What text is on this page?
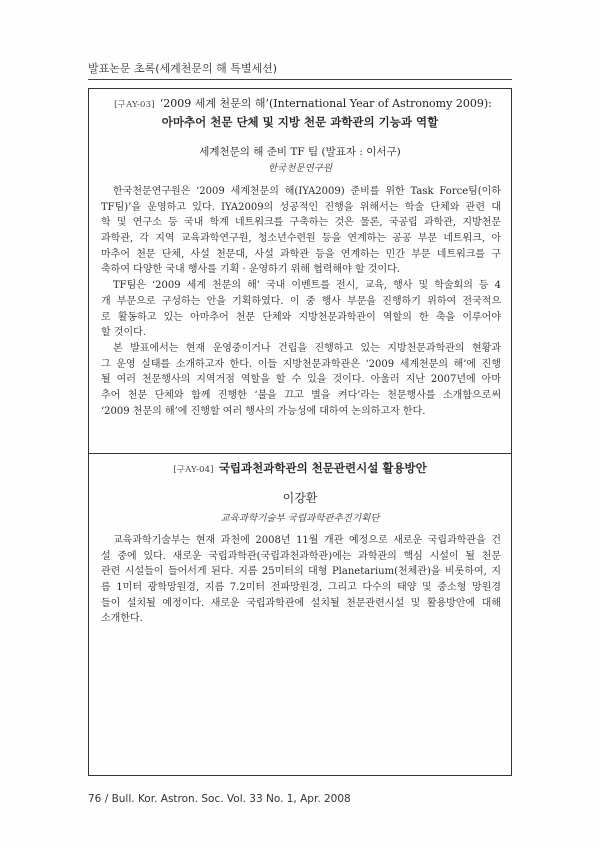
발표논문 초록(세계천문의 해 특별세션)
[구AY-03] ‘2009 세계 천문의 해’(International Year of Astronomy 2009):
아마추어 천문 단체 및 지방 천문 과학관의 기능과 역할
세계천문의 해 준비 TF 팀 (발표자 : 이서구)
한국천문연구원
한국천문연구원은 ‘2009 세계천문의 해(IYA2009) 준비를 위한 Task Force팀(이하
TF팀)’을 운영하고 있다. IYA2009의 성공적인 진행을 위해서는 학술 단체와 관련 대
학 및 연구소 등 국내 학계 네트워크를 구축하는 것은 물론, 국공립 과학관, 지방천문
과학관, 각 지역 교육과학연구원, 청소년수련원 등을 연계하는 공공 부문 네트워크, 아
마추어 천문 단체, 사설 천문대, 사설 과학관 등을 연계하는 민간 부문 네트워크를 구
축하여 다양한 국내 행사를 기획 · 운영하기 위해 협력해야 할 것이다.
TF팀은 ‘2009 세계 천문의 해’ 국내 이벤트를 전시, 교육, 행사 및 학술회의 등 4
개 부문으로 구성하는 안을 기획하였다. 이 중 행사 부문을 진행하기 위하여 전국적으
로 활동하고 있는 아마추어 천문 단체와 지방천문과학관이 역할의 한 축을 이루어야
할 것이다.
본 발표에서는 현재 운영중이거나 건립을 진행하고 있는 지방천문과학관의 현황과
그 운영 실태를 소개하고자 한다. 이들 지방천문과학관은 ‘2009 세계천문의 해’에 진행
될 여러 천문행사의 지역거점 역할을 할 수 있을 것이다. 아울러 지난 2007년에 아마
추어 천문 단체와 함께 진행한 ‘불을 끄고 별을 켜다’라는 천문행사를 소개함으로써
‘2009 천문의 해’에 진행할 여러 행사의 가능성에 대하여 논의하고자 한다.
[구AY-04] 국립과천과학관의 천문관련시설 활용방안
이강환
교육과학기술부 국립과학관추진기획단
교육과학기술부는 현재 과천에 2008년 11월 개관 예정으로 새로운 국립과학관을 건
설 중에 있다. 새로운 국립과학관(국립과천과학관)에는 과학관의 핵심 시설이 될 천문
관련 시설들이 들어서게 된다. 지름 25미터의 대형 Planetarium(천체관)을 비롯하여, 지
름 1미터 광학망원경, 지름 7.2미터 전파망원경, 그리고 다수의 태양 및 중소형 망원경
들이 설치될 예정이다. 새로운 국립과학관에 설치될 천문관련시설 및 활용방안에 대해
소개한다.
76 / Bull. Kor. Astron. Soc. Vol. 33 No. 1, Apr. 2008
